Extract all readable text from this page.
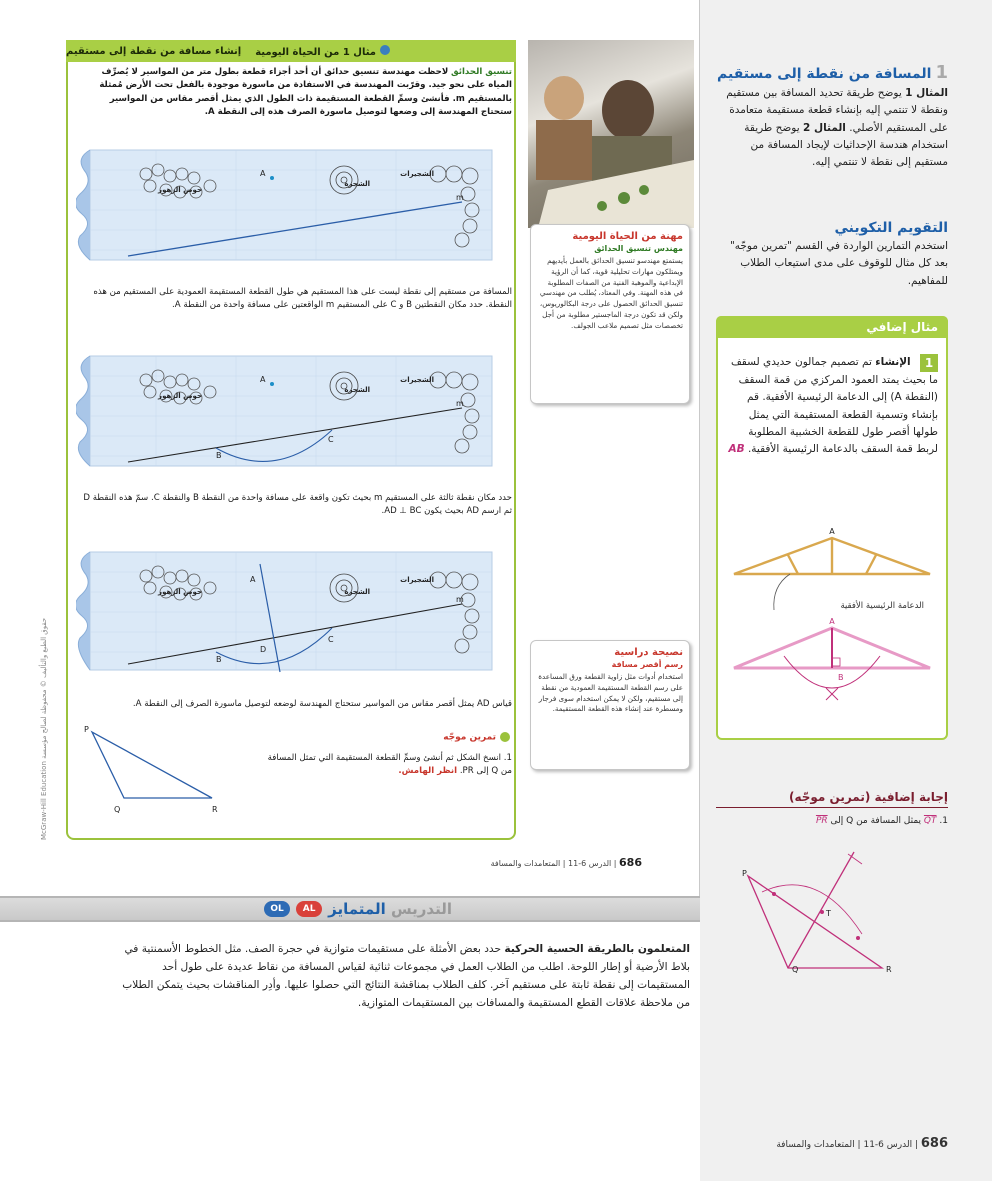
مثال 1 من الحياة اليومية
إنشاء مسافة من نقطة إلى مستقيم
تنسيق الحدائق لاحظت مهندسة تنسيق حدائق أن أحد أجزاء قطعة بطول متر من المواسير لا يُصرِّف المياه على نحو جيد. وقرّبت المهندسة في الاستفادة من ماسورة موجودة بالفعل تحت الأرض مُمثلة بالمستقيم m. فأنشئ وسمِّ القطعة المستقيمة ذات الطول الذي يمثل أقصر مقاس من المواسير ستحتاج المهندسة إلى وضعها لتوصيل ماسورة الصرف هذه إلى النقطة A.
A
m
حوض الزهور
الشجرة
الشجيرات
المسافة من مستقيم إلى نقطة ليست على هذا المستقيم هي طول القطعة المستقيمة العمودية على المستقيم من هذه النقطة. حدد مكان النقطتين B و C على المستقيم m الواقعتين على مسافة واحدة من النقطة A.
A
B
C
m
حوض الزهور
الشجرة
الشجيرات
حدد مكان نقطة ثالثة على المستقيم m بحيث تكون واقعة على مسافة واحدة من النقطة B والنقطة C. سمّ هذه النقطة D ثم ارسم AD بحيث يكون AD ⊥ BC.
A
B
C
D
m
حوض الزهور	الشجرة
الشجيرات
قياس AD يمثل أقصر مقاس من المواسير ستحتاج المهندسة لوضعه لتوصيل ماسورة الصرف إلى النقطة A.
تمرين موجّه
1. انسخ الشكل ثم أنشئ وسمِّ القطعة المستقيمة التي تمثل المسافة من Q إلى PR. انظر الهامش.
P
Q	R
مهنة من الحياة اليومية
مهندس تنسيق الحدائق
يستمتع مهندسو تنسيق الحدائق بالعمل بأيديهم ويمتلكون مهارات تحليلية قوية، كما أن الرؤية الإبداعية والموهبة الفنية من الصفات المطلوبة في هذه المهنة. وفي المعتاد، يُطلب من مهندسي تنسيق الحدائق الحصول على درجة البكالوريوس، ولكن قد تكون درجة الماجستير مطلوبة من أجل تخصصات مثل تصميم ملاعب الجولف.
نصيحة دراسية
رسم أقصر مسافة
استخدام أدوات مثل زاوية القطعة ورق المساعدة على رسم القطعة المستقيمة العمودية من نقطة إلى مستقيم، ولكن لا يمكن استخدام سوى فرجار ومسطرة عند إنشاء هذه القطعة المستقيمة.
McGraw-Hill Education حقوق الطبع والتأليف © محفوظة لصالح مؤسسة
686 | الدرس 6-11 | المتعامدات والمسافة
1المسافة من نقطة إلى مستقيم
المثال 1 يوضح طريقة تحديد المسافة بين مستقيم ونقطة لا تنتمي إليه بإنشاء قطعة مستقيمة متعامدة على المستقيم الأصلي. المثال 2 يوضح طريقة استخدام هندسة الإحداثيات لإيجاد المسافة من مستقيم إلى نقطة لا تنتمي إليه.
التقويم التكويني
استخدم التمارين الواردة في القسم "تمرين موجّه" بعد كل مثال للوقوف على مدى استيعاب الطلاب للمفاهيم.
مثال إضافي
1 الإنشاء تم تصميم جمالون حديدي لسقف ما بحيث يمتد العمود المركزي من قمة السقف (النقطة A) إلى الدعامة الرئيسية الأفقية. قم بإنشاء وتسمية القطعة المستقيمة التي يمثل طولها أقصر طول للقطعة الخشبية المطلوبة لربط قمة السقف بالدعامة الرئيسية الأفقية. AB
A
الدعامة الرئيسية الأفقية
A
B
إجابة إضافية (تمرين موجّه)
1. QT يمثل المسافة من Q إلى PR
P
Q	R
T
التدريس المتمايز
AL
OL
المتعلمون بالطريقة الحسية الحركية حدد بعض الأمثلة على مستقيمات متوازية في حجرة الصف. مثل الخطوط الأسمنتية في بلاط الأرضية أو إطار اللوحة. اطلب من الطلاب العمل في مجموعات ثنائية لقياس المسافة من نقاط عديدة على طول أحد المستقيمات إلى نقطة ثابتة على مستقيم آخر. كلف الطلاب بمناقشة النتائج التي حصلوا عليها. وأدِر المناقشات بحيث يتمكن الطلاب من ملاحظة علاقات القطع المستقيمة والمسافات بين المستقيمات المتوازية.
686 | الدرس 6-11 | المتعامدات والمسافة
